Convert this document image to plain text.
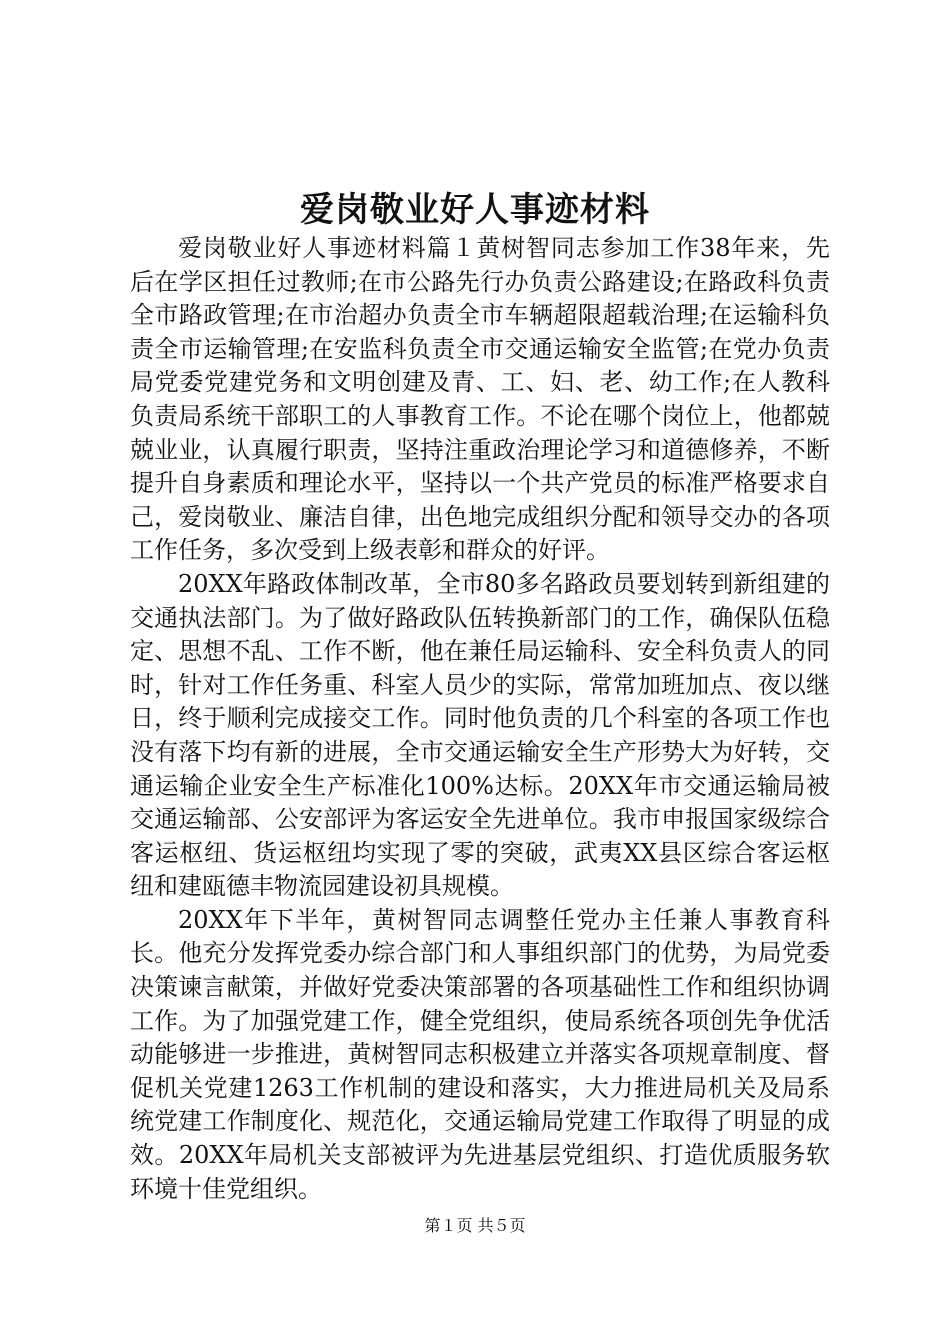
爱岗敬业好人事迹材料

爱岗敬业好人事迹材料篇１黄树智同志参加工作38年来，先后在学区担任过教师;在市公路先行办负责公路建设;在路政科负责全市路政管理;在市治超办负责全市车辆超限超载治理;在运输科负责全市运输管理;在安监科负责全市交通运输安全监管;在党办负责局党委党建党务和文明创建及青、工、妇、老、幼工作;在人教科负责局系统干部职工的人事教育工作。不论在哪个岗位上，他都兢兢业业，认真履行职责，坚持注重政治理论学习和道德修养，不断提升自身素质和理论水平，坚持以一个共产党员的标准严格要求自己，爱岗敬业、廉洁自律，出色地完成组织分配和领导交办的各项工作任务，多次受到上级表彰和群众的好评。

20XX年路政体制改革，全市80多名路政员要划转到新组建的交通执法部门。为了做好路政队伍转换新部门的工作，确保队伍稳定、思想不乱、工作不断，他在兼任局运输科、安全科负责人的同时，针对工作任务重、科室人员少的实际，常常加班加点、夜以继日，终于顺利完成接交工作。同时他负责的几个科室的各项工作也没有落下均有新的进展，全市交通运输安全生产形势大为好转，交通运输企业安全生产标准化100%达标。20XX年市交通运输局被交通运输部、公安部评为客运安全先进单位。我市申报国家级综合客运枢纽、货运枢纽均实现了零的突破，武夷XX县区综合客运枢纽和建瓯德丰物流园建设初具规模。

20XX年下半年，黄树智同志调整任党办主任兼人事教育科长。他充分发挥党委办综合部门和人事组织部门的优势，为局党委决策谏言献策，并做好党委决策部署的各项基础性工作和组织协调工作。为了加强党建工作，健全党组织，使局系统各项创先争优活动能够进一步推进，黄树智同志积极建立并落实各项规章制度、督促机关党建1263工作机制的建设和落实，大力推进局机关及局系统党建工作制度化、规范化，交通运输局党建工作取得了明显的成效。20XX年局机关支部被评为先进基层党组织、打造优质服务软环境十佳党组织。

第１页 共５页
